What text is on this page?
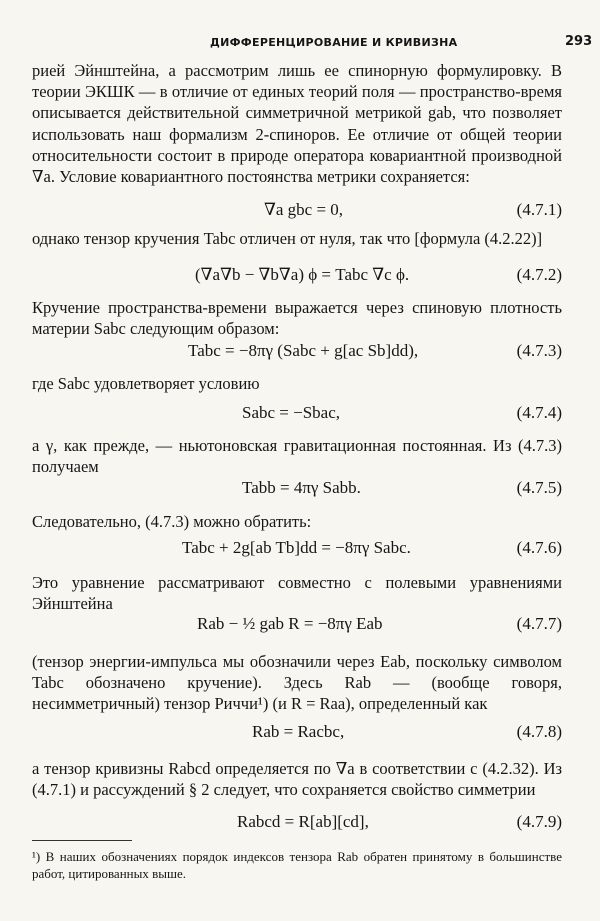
ДИФФЕРЕНЦИРОВАНИЕ И КРИВИЗНА	293

рией Эйнштейна, а рассмотрим лишь ее спинорную формулировку. В теории ЭКШК — в отличие от единых теорий поля — пространство-время описывается действительной симметричной метрикой gab, что позволяет использовать наш формализм 2-спиноров. Ее отличие от общей теории относительности состоит в природе оператора ковариантной производной ∇a. Условие ковариантного постоянства метрики сохраняется:

∇a gbc = 0,	(4.7.1)

однако тензор кручения Tabc отличен от нуля, так что [формула (4.2.22)]

(∇a∇b − ∇b∇a) ϕ = Tabc ∇c ϕ.	(4.7.2)

Кручение пространства-времени выражается через спиновую плотность материи Sabc следующим образом:

Tabc = −8πγ (Sabc + g[ac Sb]dd),	(4.7.3)

где Sabc удовлетворяет условию

Sabc = −Sbac,	(4.7.4)

а γ, как прежде, — ньютоновская гравитационная постоянная. Из (4.7.3) получаем

Tabb = 4πγ Sabb.	(4.7.5)

Следовательно, (4.7.3) можно обратить:

Tabc + 2g[ab Tb]dd = −8πγ Sabc.	(4.7.6)

Это уравнение рассматривают совместно с полевыми уравнениями Эйнштейна

Rab − ½ gab R = −8πγ Eab	(4.7.7)

(тензор энергии-импульса мы обозначили через Eab, поскольку символом Tabc обозначено кручение). Здесь Rab — (вообще говоря, несимметричный) тензор Риччи¹) (и R = Raa), определенный как

Rab = Racbc,	(4.7.8)

а тензор кривизны Rabcd определяется по ∇a в соответствии с (4.2.32). Из (4.7.1) и рассуждений § 2 следует, что сохраняется свойство симметрии

Rabcd = R[ab][cd],	(4.7.9)

¹) В наших обозначениях порядок индексов тензора Rab обратен принятому в большинстве работ, цитированных выше.
